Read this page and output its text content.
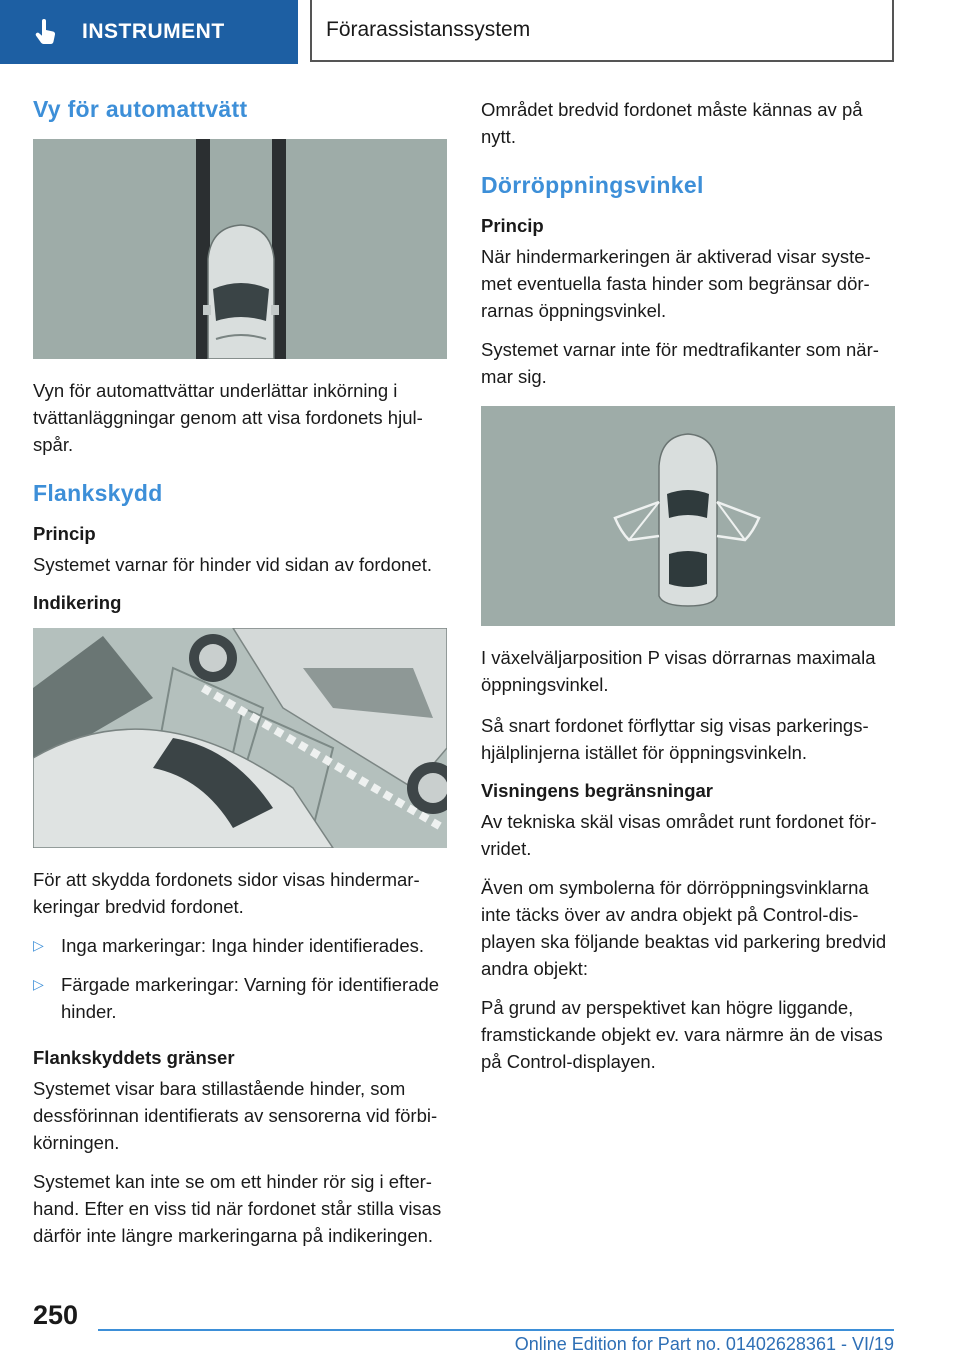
INSTRUMENT	Förarassistanssystem
Vy för automattvätt

Vyn för automattvättar underlättar inkörning i tvättanläggningar genom att visa fordonets hjul-spår.

Flankskydd
Princip

Systemet varnar för hinder vid sidan av fordonet.

Indikering

För att skydda fordonets sidor visas hindermar-keringar bredvid fordonet.

▷ Inga markeringar: Inga hinder identifierades.
▷ Färgade markeringar: Varning för identifierade hinder.
Flankskyddets gränser

Systemet visar bara stillastående hinder, som dessförinnan identifierats av sensorerna vid förbi-körningen.

Systemet kan inte se om ett hinder rör sig i efter-hand. Efter en viss tid när fordonet står stilla visas därför inte längre markeringarna på indikeringen.

Området bredvid fordonet måste kännas av på nytt.

Dörröppningsvinkel
Princip

När hindermarkeringen är aktiverad visar syste-met eventuella fasta hinder som begränsar dör-rarnas öppningsvinkel.

Systemet varnar inte för medtrafikanter som när-mar sig.

I växelväljarposition P visas dörrarnas maximala öppningsvinkel.

Så snart fordonet förflyttar sig visas parkerings-hjälplinjerna istället för öppningsvinkeln.

Visningens begränsningar

Av tekniska skäl visas området runt fordonet för-vridet.

Även om symbolerna för dörröppningsvinklarna inte täcks över av andra objekt på Control-dis-playen ska följande beaktas vid parkering bredvid andra objekt:

På grund av perspektivet kan högre liggande, framstickande objekt ev. vara närmre än de visas på Control-displayen.

250
Online Edition for Part no. 01402628361 - VI/19
